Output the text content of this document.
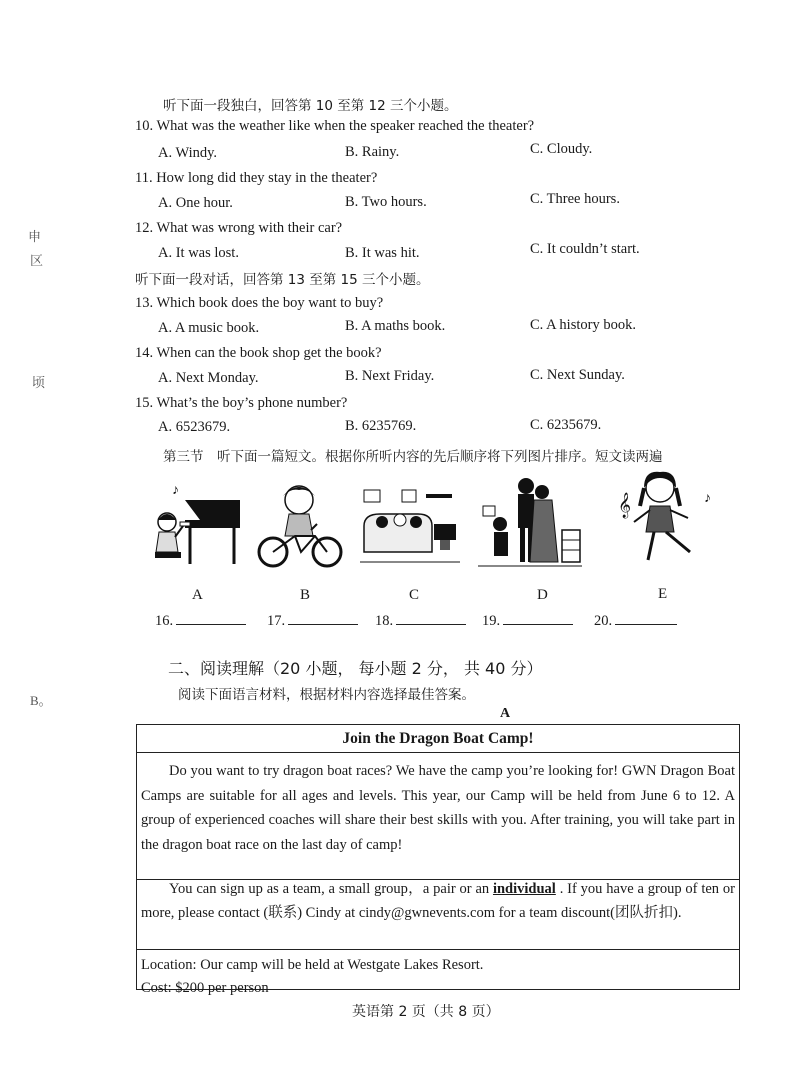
申
区
顷
B。
听下面一段独白，回答第 10 至第 12 三个小题。
10. What was the weather like when the speaker reached the theater?
A. Windy.	B. Rainy.	C. Cloudy.
11. How long did they stay in the theater?
A. One hour.	B. Two hours.	C. Three hours.
12. What was wrong with their car?
A. It was lost.	B. It was hit.	C. It couldn’t start.
听下面一段对话，回答第 13 至第 15 三个小题。
13. Which book does the boy want to buy?
A. A music book.	B. A maths book.	C. A history book.
14. When can the book shop get the book?
A. Next Monday.	B. Next Friday.	C. Next Sunday.
15. What’s the boy’s phone number?
A. 6523679.	B. 6235769.	C. 6235679.
第三节　听下面一篇短文。根据你所听内容的先后顺序将下列图片排序。短文读两遍
♪
𝄞	♪
A	B	C	D	E
16.	17.	18.	19.	20.
二、阅读理解（20 小题， 每小题 2 分， 共 40 分）
阅读下面语言材料，根据材料内容选择最佳答案。
A
Join the Dragon Boat Camp!
Do you want to try dragon boat races? We have the camp you’re looking for! GWN Dragon Boat Camps are suitable for all ages and levels. This year, our Camp will be held from June 6 to 12. A group of experienced coaches will share their best skills with you. After training, you will take part in the dragon boat race on the last day of camp!
You can sign up as a team, a small group，a pair or an individual . If you have a group of ten or more, please contact (联系) Cindy at cindy@gwnevents.com for a team discount(团队折扣).
Location: Our camp will be held at Westgate Lakes Resort.
Cost: $200 per person
英语第 2 页（共 8 页）
